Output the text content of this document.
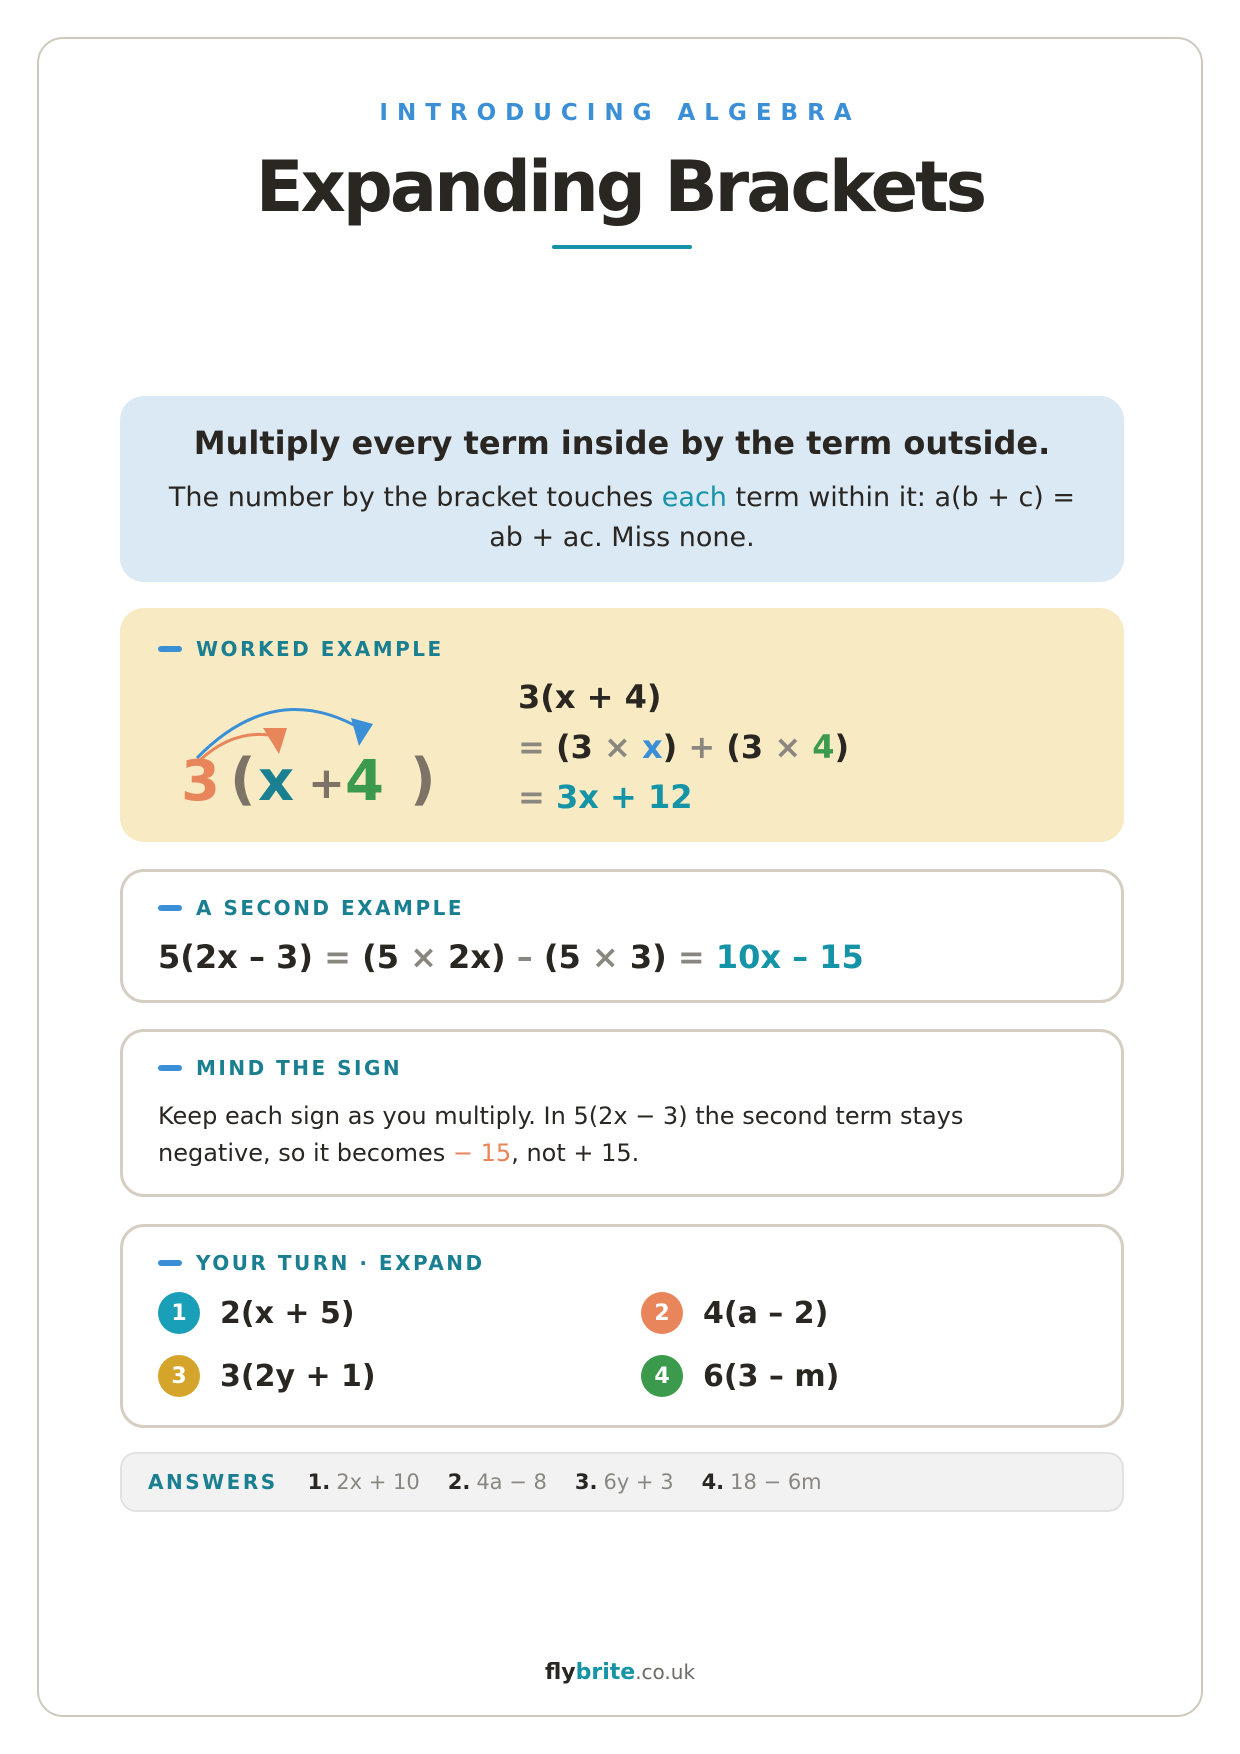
INTRODUCING ALGEBRA
Expanding Brackets
Multiply every term inside by the term outside.
The number by the bracket touches each term within it: a(b + c) = ab + ac. Miss none.
WORKED EXAMPLE
3 ( x + 4 )
3(x + 4)
= (3 × x) + (3 × 4)
= 3x + 12
A SECOND EXAMPLE
5(2x – 3) = (5 × 2x) – (5 × 3) = 10x – 15
MIND THE SIGN
Keep each sign as you multiply. In 5(2x − 3) the second term stays negative, so it becomes − 15, not + 15.
YOUR TURN · EXPAND
1	2(x + 5)	2	4(a – 2)
3	3(2y + 1)	4	6(3 – m)
ANSWERS 1. 2x + 10 2. 4a − 8 3. 6y + 3 4. 18 − 6m
flybrite.co.uk
